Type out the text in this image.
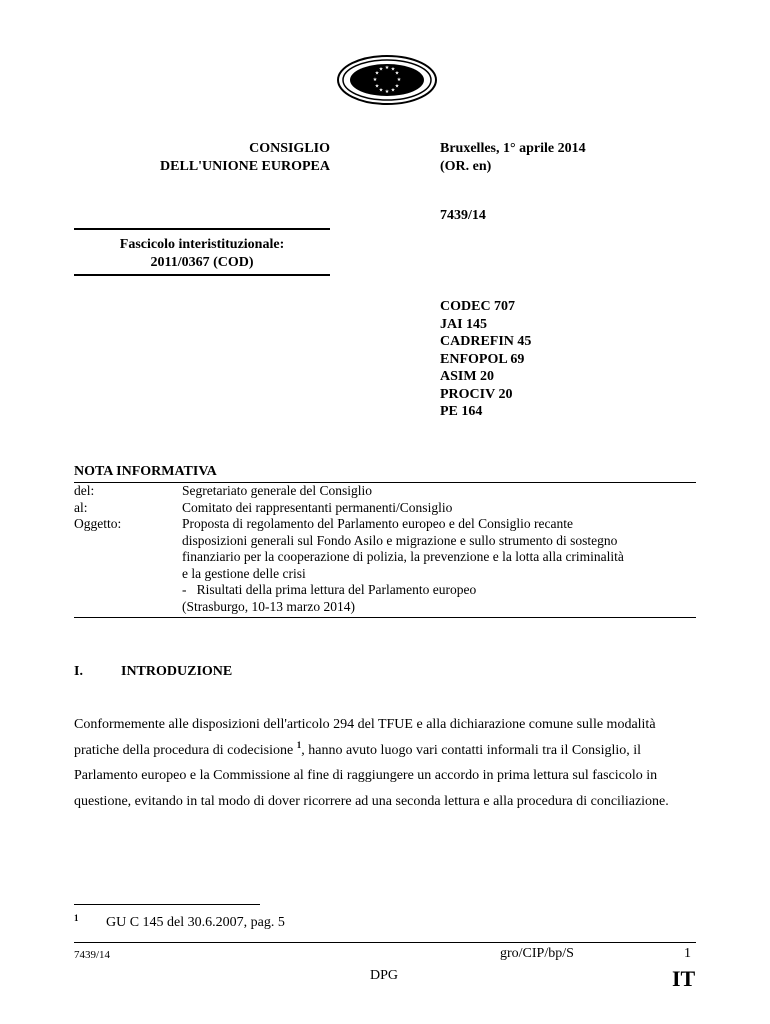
★ ★
★
★
★
★
★
★
★
★
★
★
CONSIGLIO
DELL'UNIONE EUROPEA
Bruxelles, 1° aprile 2014
(OR. en)
7439/14
Fascicolo interistituzionale:
2011/0367 (COD)
CODEC 707
JAI 145
CADREFIN 45
ENFOPOL 69
ASIM 20
PROCIV 20
PE 164
NOTA INFORMATIVA
del:	Segretariato generale del Consiglio
al:	Comitato dei rappresentanti permanenti/Consiglio
Oggetto:	Proposta di regolamento del Parlamento europeo e del Consiglio recante
disposizioni generali sul Fondo Asilo e migrazione e sullo strumento di sostegno
finanziario per la cooperazione di polizia, la prevenzione e la lotta alla criminalità
e la gestione delle crisi
-   Risultati della prima lettura del Parlamento europeo
(Strasburgo, 10-13 marzo 2014)
I.	INTRODUZIONE
Conformemente alle disposizioni dell'articolo 294 del TFUE e alla dichiarazione comune sulle modalità pratiche della procedura di codecisione $^1$, hanno avuto luogo vari contatti informali tra il Consiglio, il Parlamento europeo e la Commissione al fine di raggiungere un accordo in prima lettura sul fascicolo in questione, evitando in tal modo di dover ricorrere ad una seconda lettura e alla procedura di conciliazione.
1 GU C 145 del 30.6.2007, pag. 5
7439/14	gro/CIP/bp/S	1
DPG	IT
